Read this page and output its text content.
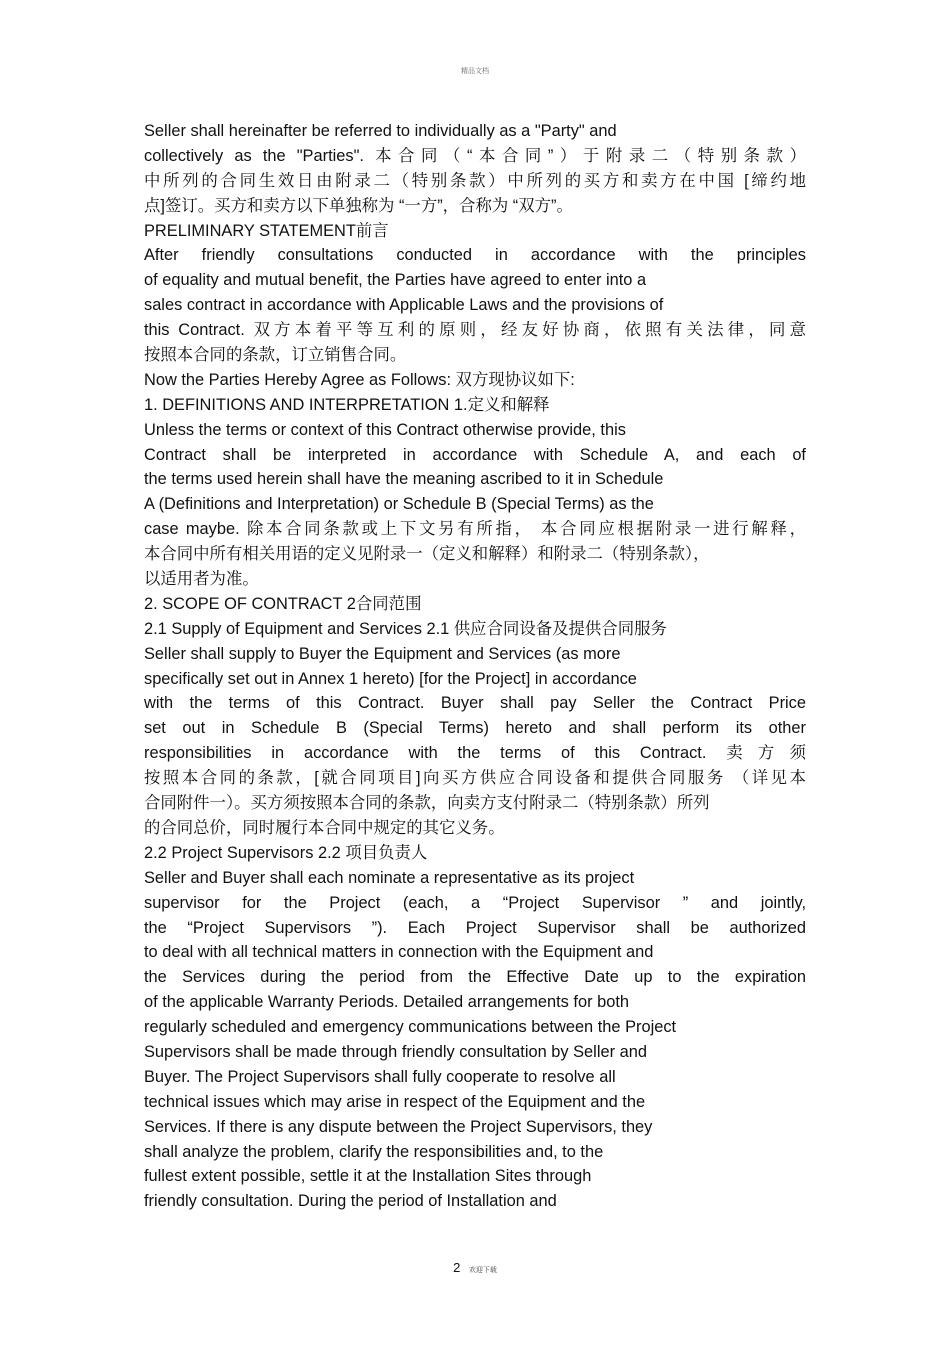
精品文档
Seller shall hereinafter be referred to individually as a "Party" and
collectively as the "Parties". 本合同（“本合同”）于附录二（特别条款）
中所列的合同生效日由附录二（特别条款）中所列的买方和卖方在中国 [缔约地
点]签订。买方和卖方以下单独称为 “一方”，合称为 “双方”。
PRELIMINARY STATEMENT前言
After friendly consultations conducted in accordance with the principles
of equality and mutual benefit, the Parties have agreed to enter into a
sales contract in accordance with Applicable Laws and the provisions of
this Contract. 双方本着平等互利的原则，经友好协商，依照有关法律，同意
按照本合同的条款，订立销售合同。
Now the Parties Hereby Agree as Follows: 双方现协议如下:
1. DEFINITIONS AND INTERPRETATION 1.定义和解释
Unless the terms or context of this Contract otherwise provide, this
Contract shall be interpreted in accordance with Schedule A, and each of
the terms used herein shall have the meaning ascribed to it in Schedule
A (Definitions and Interpretation) or Schedule B (Special Terms) as the
case maybe. 除本合同条款或上下文另有所指， 本合同应根据附录一进行解释，
本合同中所有相关用语的定义见附录一（定义和解释）和附录二（特别条款），
以适用者为准。
2. SCOPE OF CONTRACT 2合同范围
2.1 Supply of Equipment and Services 2.1 供应合同设备及提供合同服务
Seller shall supply to Buyer the Equipment and Services (as more
specifically set out in Annex 1 hereto) [for the Project] in accordance
with the terms of this Contract. Buyer shall pay Seller the Contract Price
set out in Schedule B (Special Terms) hereto and shall perform its other
responsibilities in accordance with the terms of this Contract. 卖方须
按照本合同的条款，[就合同项目]向买方供应合同设备和提供合同服务 （详见本
合同附件一）。买方须按照本合同的条款，向卖方支付附录二（特别条款）所列
的合同总价，同时履行本合同中规定的其它义务。
2.2 Project Supervisors 2.2 项目负责人
Seller and Buyer shall each nominate a representative as its project
supervisor for the Project (each, a “Project Supervisor ” and jointly,
the “Project Supervisors ”). Each Project Supervisor shall be authorized
to deal with all technical matters in connection with the Equipment and
the Services during the period from the Effective Date up to the expiration
of the applicable Warranty Periods. Detailed arrangements for both
regularly scheduled and emergency communications between the Project
Supervisors shall be made through friendly consultation by Seller and
Buyer. The Project Supervisors shall fully cooperate to resolve all
technical issues which may arise in respect of the Equipment and the
Services. If there is any dispute between the Project Supervisors, they
shall analyze the problem, clarify the responsibilities and, to the
fullest extent possible, settle it at the Installation Sites through
friendly consultation. During the period of Installation and
2 欢迎下载
